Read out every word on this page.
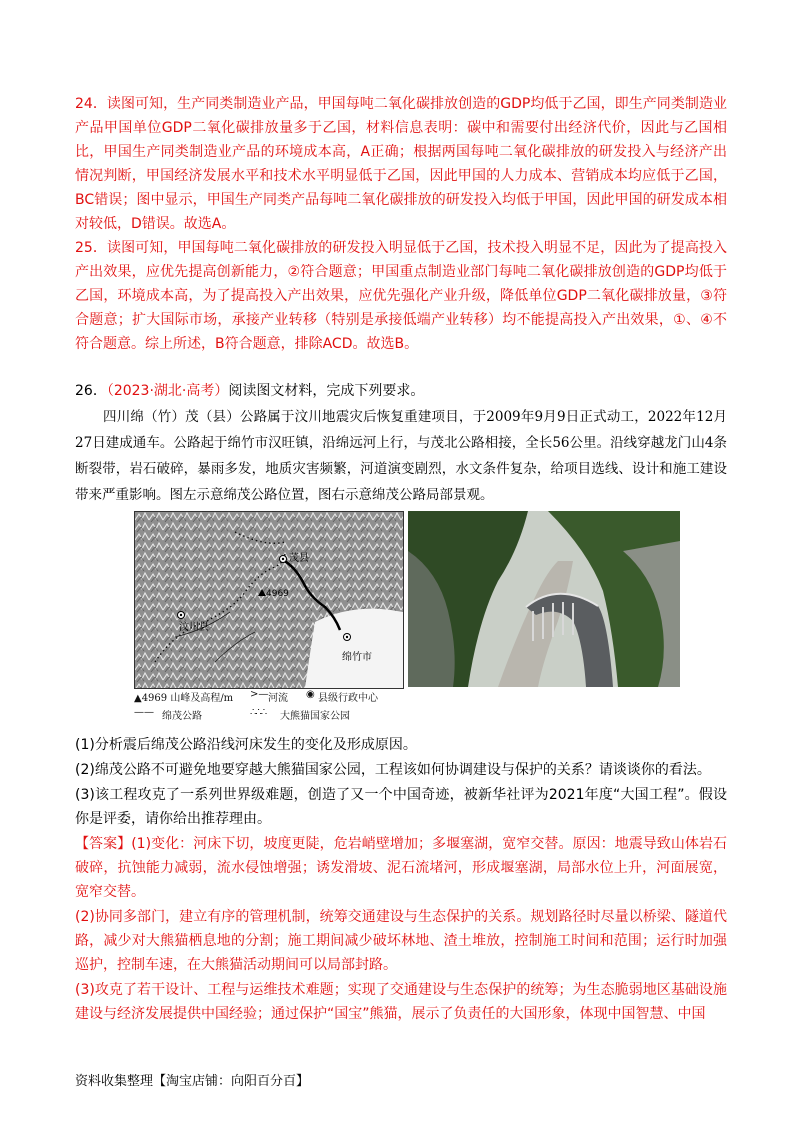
24．读图可知，生产同类制造业产品，甲国每吨二氧化碳排放创造的GDP均低于乙国，即生产同类制造业产品甲国单位GDP二氧化碳排放量多于乙国，材料信息表明：碳中和需要付出经济代价，因此与乙国相比，甲国生产同类制造业产品的环境成本高，A正确；根据两国每吨二氧化碳排放的研发投入与经济产出情况判断，甲国经济发展水平和技术水平明显低于乙国，因此甲国的人力成本、营销成本均应低于乙国，BC错误；图中显示，甲国生产同类产品每吨二氧化碳排放的研发投入均低于甲国，因此甲国的研发成本相对较低，D错误。故选A。

25．读图可知，甲国每吨二氧化碳排放的研发投入明显低于乙国，技术投入明显不足，因此为了提高投入产出效果，应优先提高创新能力，②符合题意；甲国重点制造业部门每吨二氧化碳排放创造的GDP均低于乙国，环境成本高，为了提高投入产出效果，应优先强化产业升级，降低单位GDP二氧化碳排放量，③符合题意；扩大国际市场，承接产业转移（特别是承接低端产业转移）均不能提高投入产出效果，①、④不符合题意。综上所述，B符合题意，排除ACD。故选B。

26．（2023·湖北·高考）阅读图文材料，完成下列要求。

四川绵（竹）茂（县）公路属于汶川地震灾后恢复重建项目，于2009年9月9日正式动工，2022年12月27日建成通车。公路起于绵竹市汉旺镇，沿绵远河上行，与茂北公路相接，全长56公里。沿线穿越龙门山4条断裂带，岩石破碎，暴雨多发，地质灾害频繁，河道演变剧烈，水文条件复杂，给项目选线、设计和施工建设带来严重影响。图左示意绵茂公路位置，图右示意绵茂公路局部景观。

茂县
汶川县
绵竹市
4969
▲4969 山峰及高程/m >— 河流 ◉ 县级行政中心
—— 绵茂公路	∴∴∴ 大熊猫国家公园

(1)分析震后绵茂公路沿线河床发生的变化及形成原因。

(2)绵茂公路不可避免地要穿越大熊猫国家公园，工程该如何协调建设与保护的关系？请谈谈你的看法。

(3)该工程攻克了一系列世界级难题，创造了又一个中国奇迹，被新华社评为2021年度“大国工程”。假设你是评委，请你给出推荐理由。

【答案】(1)变化：河床下切，坡度更陡，危岩峭壁增加；多堰塞湖，宽窄交替。原因：地震导致山体岩石破碎，抗蚀能力减弱，流水侵蚀增强；诱发滑坡、泥石流堵河，形成堰塞湖，局部水位上升，河面展宽，宽窄交替。

(2)协同多部门，建立有序的管理机制，统筹交通建设与生态保护的关系。规划路径时尽量以桥梁、隧道代路，减少对大熊猫栖息地的分割；施工期间减少破坏林地、渣土堆放，控制施工时间和范围；运行时加强巡护，控制车速，在大熊猫活动期间可以局部封路。

(3)攻克了若干设计、工程与运维技术难题；实现了交通建设与生态保护的统筹；为生态脆弱地区基础设施建设与经济发展提供中国经验；通过保护“国宝”熊猫，展示了负责任的大国形象，体现中国智慧、中国

资料收集整理【淘宝店铺：向阳百分百】
